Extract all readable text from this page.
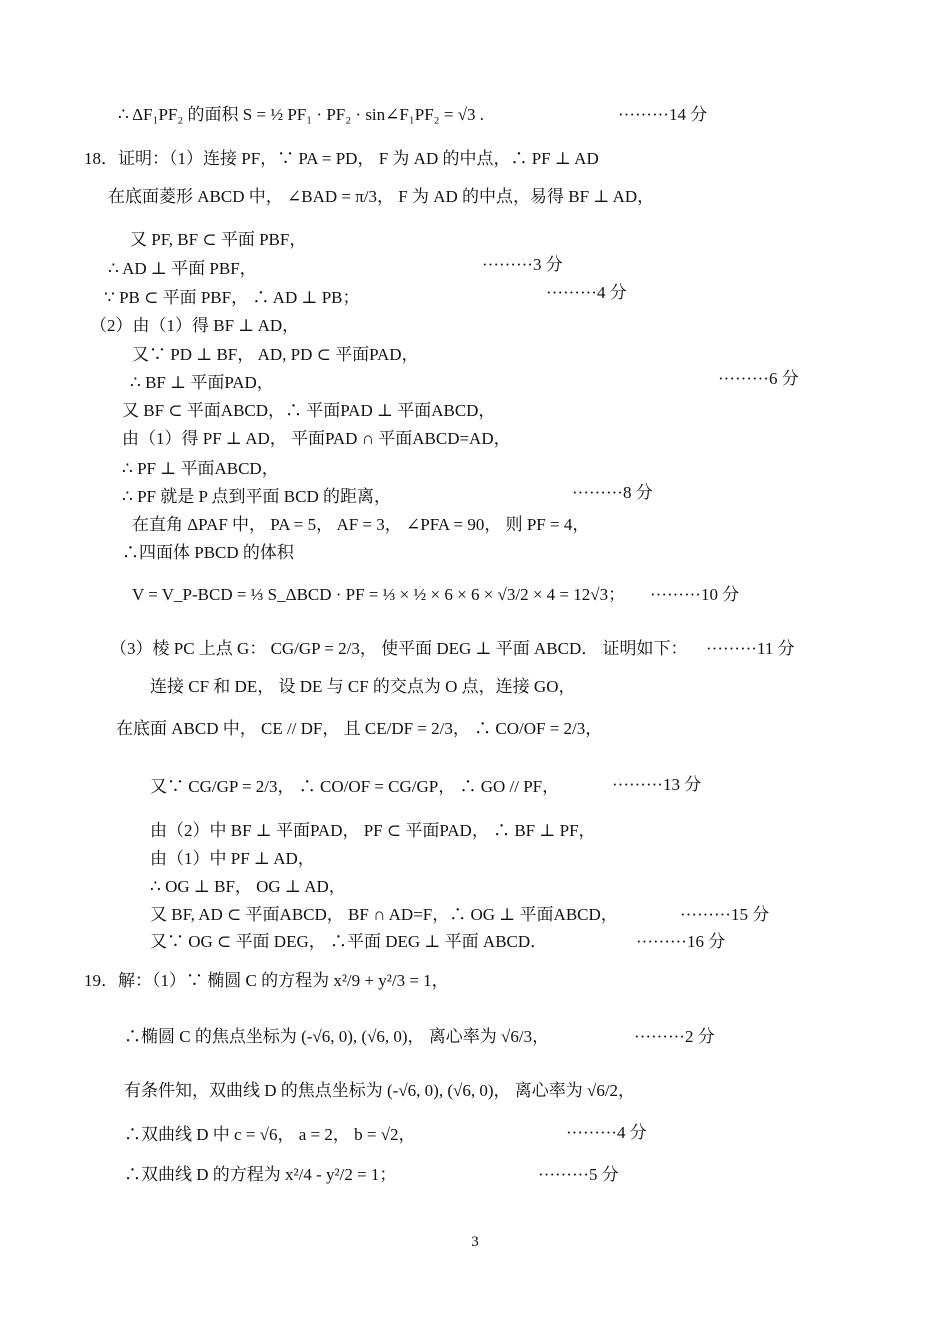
∴ ΔF₁PF₂ 的面积 S = ½ PF₁ · PF₂ · sin∠F₁PF₂ = √3 .	·········14 分
18．证明：（1）连接 PF，∵ PA = PD， F 为 AD 的中点，∴ PF ⊥ AD
在底面菱形 ABCD 中， ∠BAD = π/3， F 为 AD 的中点，易得 BF ⊥ AD，
又 PF, BF ⊂ 平面 PBF，
∴ AD ⊥ 平面 PBF，	·········3 分
∵ PB ⊂ 平面 PBF， ∴ AD ⊥ PB；	·········4 分
（2）由（1）得 BF ⊥ AD，
又∵ PD ⊥ BF， AD, PD ⊂ 平面PAD，
∴ BF ⊥ 平面PAD，	·········6 分
又 BF ⊂ 平面ABCD，∴ 平面PAD ⊥ 平面ABCD，
由（1）得 PF ⊥ AD， 平面PAD ∩ 平面ABCD=AD，
∴ PF ⊥ 平面ABCD，
∴ PF 就是 P 点到平面 BCD 的距离，	·········8 分
在直角 ΔPAF 中， PA = 5， AF = 3， ∠PFA = 90， 则 PF = 4，
∴四面体 PBCD 的体积
V = V_P-BCD = ⅓ S_ΔBCD · PF = ⅓ × ½ × 6 × 6 × √3/2 × 4 = 12√3； ·········10 分
（3）棱 PC 上点 G： CG/GP = 2/3， 使平面 DEG ⊥ 平面 ABCD． 证明如下： ·········11 分
连接 CF 和 DE， 设 DE 与 CF 的交点为 O 点，连接 GO，
在底面 ABCD 中， CE // DF， 且 CE/DF = 2/3， ∴ CO/OF = 2/3，
又∵ CG/GP = 2/3， ∴ CO/OF = CG/GP， ∴ GO // PF，	·········13 分
由（2）中 BF ⊥ 平面PAD， PF ⊂ 平面PAD， ∴ BF ⊥ PF，
由（1）中 PF ⊥ AD，
∴ OG ⊥ BF， OG ⊥ AD，
又 BF, AD ⊂ 平面ABCD， BF ∩ AD=F，∴ OG ⊥ 平面ABCD，	·········15 分
又∵ OG ⊂ 平面 DEG， ∴平面 DEG ⊥ 平面 ABCD．	·········16 分
19．解：（1）∵ 椭圆 C 的方程为 x²/9 + y²/3 = 1，
∴椭圆 C 的焦点坐标为 (-√6, 0), (√6, 0)， 离心率为 √6/3，	·········2 分
有条件知，双曲线 D 的焦点坐标为 (-√6, 0), (√6, 0)， 离心率为 √6/2，
∴双曲线 D 中 c = √6， a = 2， b = √2，	·········4 分
∴双曲线 D 的方程为 x²/4 - y²/2 = 1；	·········5 分
3
